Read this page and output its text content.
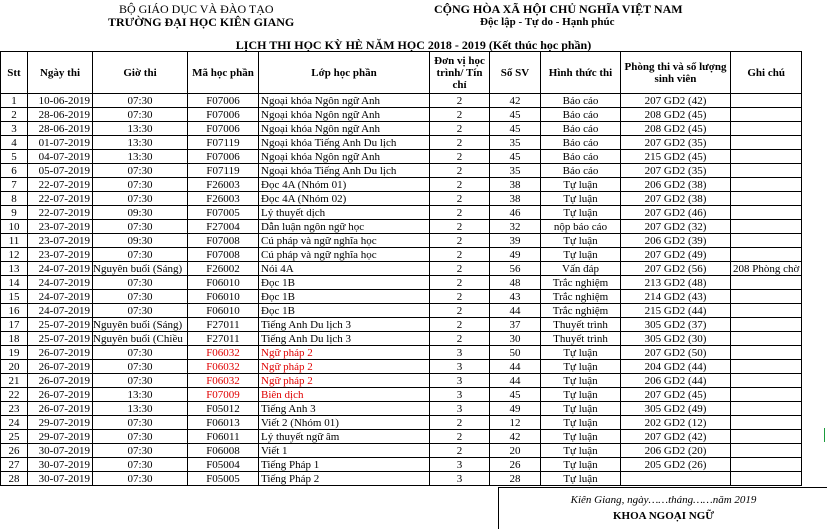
BỘ GIÁO DỤC VÀ ĐÀO TẠO
TRƯỜNG ĐẠI HỌC KIÊN GIANG
CỘNG HÒA XÃ HỘI CHỦ NGHĨA VIỆT NAM
Độc lập - Tự do - Hạnh phúc
LỊCH THI HỌC KỲ HÈ NĂM HỌC 2018 - 2019 (Kết thúc học phần)
Stt	Ngày thi	Giờ thi	Mã học phần	Lớp học phần	Đơn vị học trình/ Tín chỉ	Số SV	Hình thức thi	Phòng thi và số lượng sinh viên	Ghi chú
1	10-06-2019	07:30	F07006	Ngoại khóa Ngôn ngữ Anh	2	42	Báo cáo	207 GD2 (42)	
2	28-06-2019	07:30	F07006	Ngoại khóa Ngôn ngữ Anh	2	45	Báo cáo	208 GD2 (45)	
3	28-06-2019	13:30	F07006	Ngoại khóa Ngôn ngữ Anh	2	45	Báo cáo	208 GD2 (45)	
4	01-07-2019	13:30	F07119	Ngoại khóa Tiếng Anh Du lịch	2	35	Báo cáo	207 GD2 (35)	
5	04-07-2019	13:30	F07006	Ngoại khóa Ngôn ngữ Anh	2	45	Báo cáo	215 GD2 (45)	
6	05-07-2019	07:30	F07119	Ngoại khóa Tiếng Anh Du lịch	2	35	Báo cáo	207 GD2 (35)	
7	22-07-2019	07:30	F26003	Đọc 4A (Nhóm 01)	2	38	Tự luận	206 GD2 (38)	
8	22-07-2019	07:30	F26003	Đọc 4A (Nhóm 02)	2	38	Tự luận	207 GD2 (38)	
9	22-07-2019	09:30	F07005	Lý thuyết dịch	2	46	Tự luận	207 GD2 (46)	
10	23-07-2019	07:30	F27004	Dẫn luận ngôn ngữ học	2	32	nộp báo cáo	207 GD2 (32)	
11	23-07-2019	09:30	F07008	Cú pháp và ngữ nghĩa học	2	39	Tự luận	206 GD2 (39)	
12	23-07-2019	07:30	F07008	Cú pháp và ngữ nghĩa học	2	49	Tự luận	207 GD2 (49)	
13	24-07-2019	Nguyên buổi (Sáng)	F26002	Nói 4A	2	56	Vấn đáp	207 GD2 (56)	208 Phòng chờ
14	24-07-2019	07:30	F06010	Đọc 1B	2	48	Trắc nghiệm	213 GD2 (48)	
15	24-07-2019	07:30	F06010	Đọc 1B	2	43	Trắc nghiệm	214 GD2 (43)	
16	24-07-2019	07:30	F06010	Đọc 1B	2	44	Trắc nghiệm	215 GD2 (44)	
17	25-07-2019	Nguyên buổi (Sáng)	F27011	Tiếng Anh Du lịch 3	2	37	Thuyết trình	305 GD2 (37)	
18	25-07-2019	Nguyên buổi (Chiều	F27011	Tiếng Anh Du lịch 3	2	30	Thuyết trình	305 GD2 (30)	
19	26-07-2019	07:30	F06032	Ngữ pháp 2	3	50	Tự luận	207 GD2 (50)	
20	26-07-2019	07:30	F06032	Ngữ pháp 2	3	44	Tự luận	204 GD2 (44)	
21	26-07-2019	07:30	F06032	Ngữ pháp 2	3	44	Tự luận	206 GD2 (44)	
22	26-07-2019	13:30	F07009	Biên dịch	3	45	Tự luận	207 GD2 (45)	
23	26-07-2019	13:30	F05012	Tiếng Anh 3	3	49	Tự luận	305 GD2 (49)	
24	29-07-2019	07:30	F06013	Viết 2 (Nhóm 01)	2	12	Tự luận	202 GD2 (12)	
25	29-07-2019	07:30	F06011	Lý thuyết ngữ âm	2	42	Tự luận	207 GD2 (42)	
26	30-07-2019	07:30	F06008	Viết 1	2	20	Tự luận	206 GD2 (20)	
27	30-07-2019	07:30	F05004	Tiếng Pháp 1	3	26	Tự luận	205 GD2 (26)	
28	30-07-2019	07:30	F05005	Tiếng Pháp 2	3	28	Tự luận		
Kiên Giang, ngày……tháng……năm 2019
KHOA NGOẠI NGỮ
